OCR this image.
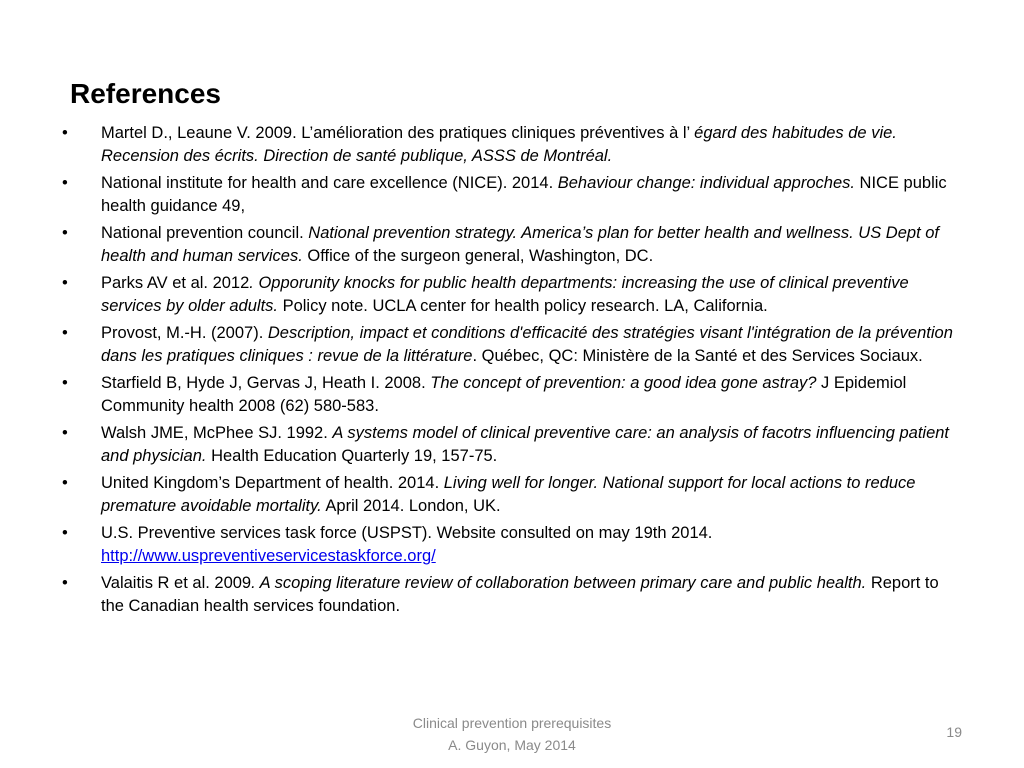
References
• Martel D., Leaune V. 2009. L’amélioration des pratiques cliniques préventives à l’ égard des habitudes de vie. Recension des écrits. Direction de santé publique, ASSS de Montréal.
• National institute for health and care excellence (NICE). 2014. Behaviour change: individual approches. NICE public health guidance 49,
• National prevention council. National prevention strategy. America’s plan for better health and wellness. US Dept of health and human services. Office of the surgeon general, Washington, DC.
• Parks AV et al. 2012. Opporunity knocks for public health departments: increasing the use of clinical preventive services by older adults. Policy note. UCLA center for health policy research. LA, California.
• Provost, M.-H. (2007). Description, impact et conditions d'efficacité des stratégies visant l'intégration de la prévention dans les pratiques cliniques : revue de la littérature. Québec, QC: Ministère de la Santé et des Services Sociaux.
• Starfield B, Hyde J, Gervas J, Heath I. 2008. The concept of prevention: a good idea gone astray? J Epidemiol Community health 2008 (62) 580-583.
• Walsh JME, McPhee SJ. 1992. A systems model of clinical preventive care: an analysis of facotrs influencing patient and physician. Health Education Quarterly 19, 157-75.
• United Kingdom’s Department of health. 2014. Living well for longer. National support for local actions to reduce premature avoidable mortality. April 2014. London, UK.
• U.S. Preventive services task force (USPST). Website consulted on may 19th 2014. http://www.uspreventiveservicestaskforce.org/
• Valaitis R et al. 2009. A scoping literature review of collaboration between primary care and public health. Report to the Canadian health services foundation.
Clinical prevention prerequisites
A. Guyon, May 2014
19
